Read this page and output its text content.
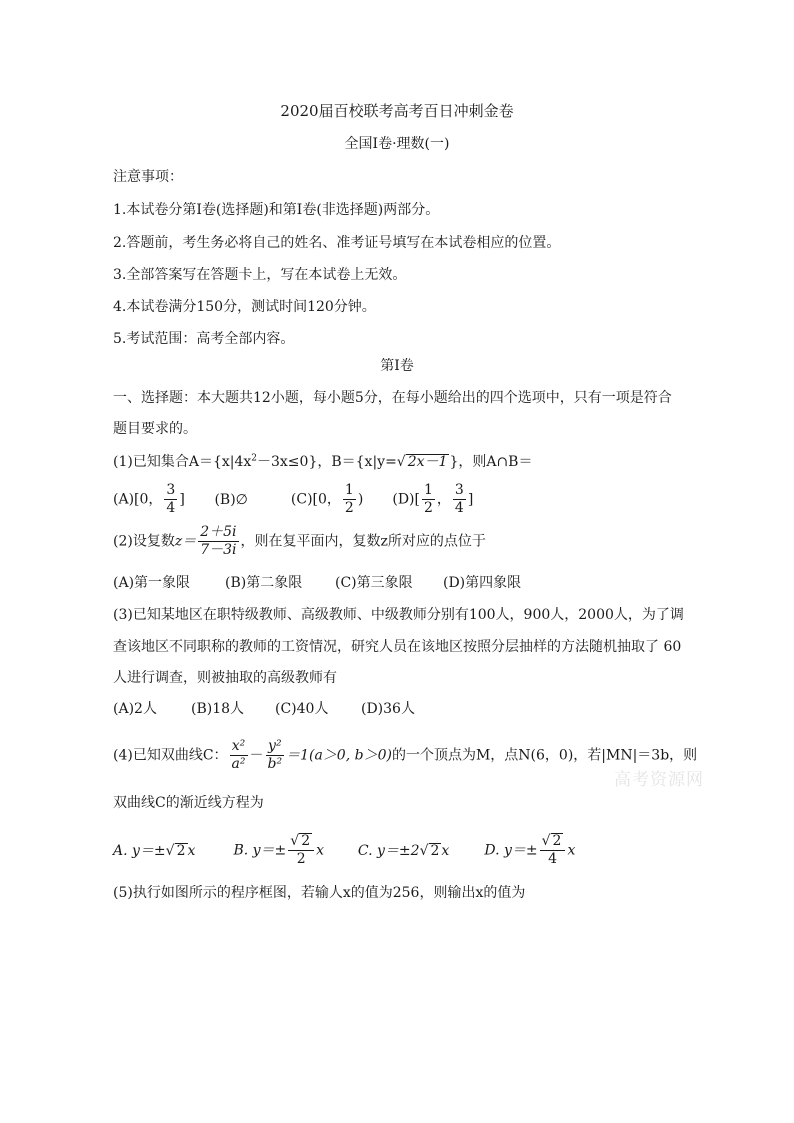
2020届百校联考高考百日冲刺金卷
全国I卷·理数(一)
注意事项：
1.本试卷分第I卷(选择题)和第I卷(非选择题)两部分。
2.答题前，考生务必将自己的姓名、准考证号填写在本试卷相应的位置。
3.全部答案写在答题卡上，写在本试卷上无效。
4.本试卷满分150分，测试时间120分钟。
5.考试范围：高考全部内容。
第I卷
一、选择题：本大题共12小题，每小题5分，在每小题给出的四个选项中，只有一项是符合
题目要求的。
(1)已知集合$A=\{x|4x^2-3x\le 0\}$，B＝{x|y=√ 2x－1 }，则A∩B＝
(A)[0， $\frac{3}{4}$ ] (B)∅	(C)[0， $\frac{1}{2}$ ) $(D)[ \frac{1}{2}$ ， $\frac{3}{4}$ ]
(2)设复数$z= \frac{2+5i}{7-3i}$ ，则在复平面内，复数z所对应的点位于
(A)第一象限 (B)第二象限 (C)第三象限 (D)第四象限
(3)已知某地区在职特级教师、高级教师、中级教师分别有100人，900人，2000人，为了调
查该地区不同职称的教师的工资情况，研究人员在该地区按照分层抽样的方法随机抽取了 60
人进行调查，则被抽取的高级教师有
(A)2人 (B)18人 (C)40人 (D)36人
(4)已知双曲线C： $\frac{\text{x²}}{\text{a²}} - \frac{\text{y²}}{\text{b²}} =1(a>0$, b＞0)的一个顶点为M，点N(6，0)，若|MN|＝3b，则
双曲线C的渐近线方程为
A. y＝±√ 2 x	B. $y=\pm \frac{√ 2}{2}$ x C. y＝±2√ 2 x	D. $y=\pm \frac{√ 2}{4}$ x
(5)执行如图所示的程序框图，若输人x的值为256，则输出x的值为
高考资源网
